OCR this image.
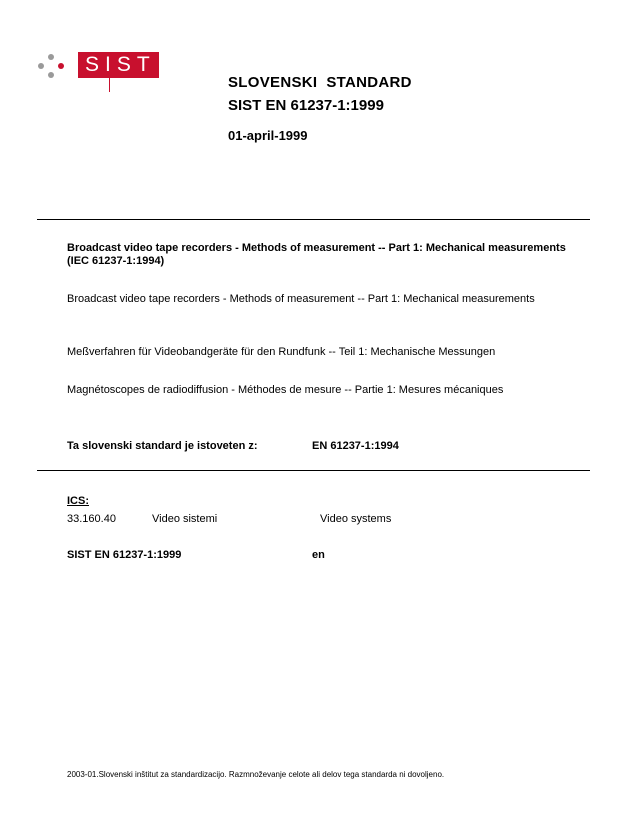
SIST
SLOVENSKI  STANDARD
SIST EN 61237-1:1999
01-april-1999
Broadcast video tape recorders - Methods of measurement -- Part 1: Mechanical measurements (IEC 61237-1:1994)
Broadcast video tape recorders - Methods of measurement -- Part 1: Mechanical measurements
Meßverfahren für Videobandgeräte für den Rundfunk -- Teil 1: Mechanische Messungen
Magnétoscopes de radiodiffusion - Méthodes de mesure -- Partie 1: Mesures mécaniques
Ta slovenski standard je istoveten z:	EN 61237-1:1994
ICS:
33.160.40	Video sistemi	Video systems
SIST EN 61237-1:1999	en
2003-01.Slovenski inštitut za standardizacijo. Razmnoževanje celote ali delov tega standarda ni dovoljeno.
